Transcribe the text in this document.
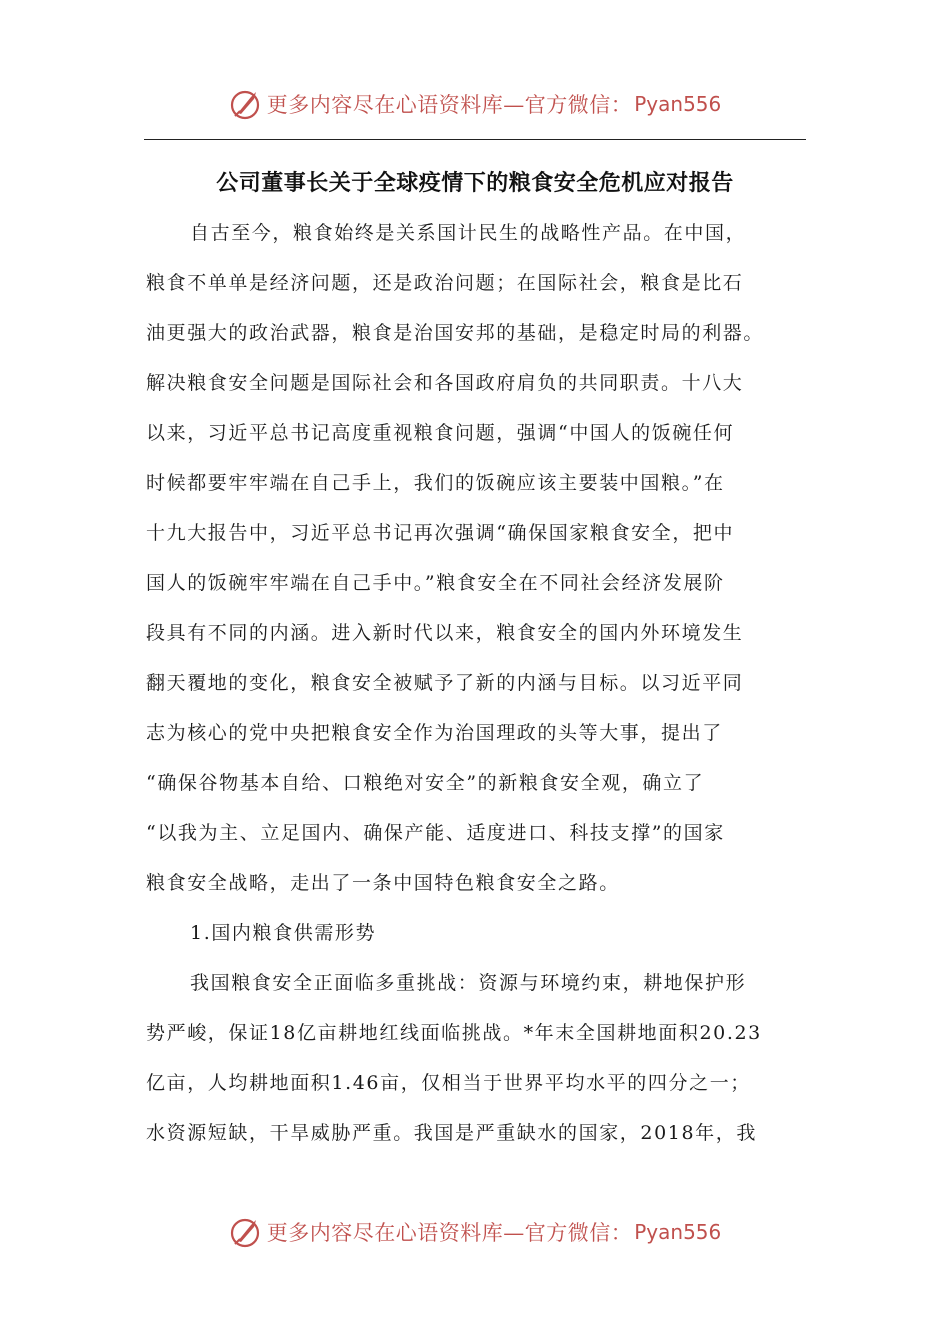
更多内容尽在心语资料库—官方微信： Pyan556
公司董事长关于全球疫情下的粮食安全危机应对报告
自古至今，粮食始终是关系国计民生的战略性产品。在中国，
粮食不单单是经济问题，还是政治问题；在国际社会，粮食是比石
油更强大的政治武器，粮食是治国安邦的基础，是稳定时局的利器。
解决粮食安全问题是国际社会和各国政府肩负的共同职责。十八大
以来，习近平总书记高度重视粮食问题，强调“中国人的饭碗任何
时候都要牢牢端在自己手上，我们的饭碗应该主要装中国粮。”在
十九大报告中，习近平总书记再次强调“确保国家粮食安全，把中
国人的饭碗牢牢端在自己手中。”粮食安全在不同社会经济发展阶
段具有不同的内涵。进入新时代以来，粮食安全的国内外环境发生
翻天覆地的变化，粮食安全被赋予了新的内涵与目标。以习近平同
志为核心的党中央把粮食安全作为治国理政的头等大事，提出了
“确保谷物基本自给、口粮绝对安全”的新粮食安全观，确立了
“以我为主、立足国内、确保产能、适度进口、科技支撑”的国家
粮食安全战略，走出了一条中国特色粮食安全之路。
1.国内粮食供需形势
我国粮食安全正面临多重挑战：资源与环境约束，耕地保护形
势严峻，保证18亿亩耕地红线面临挑战。*年末全国耕地面积20.23
亿亩，人均耕地面积1.46亩，仅相当于世界平均水平的四分之一；
水资源短缺，干旱威胁严重。我国是严重缺水的国家，2018年，我
更多内容尽在心语资料库—官方微信： Pyan556
